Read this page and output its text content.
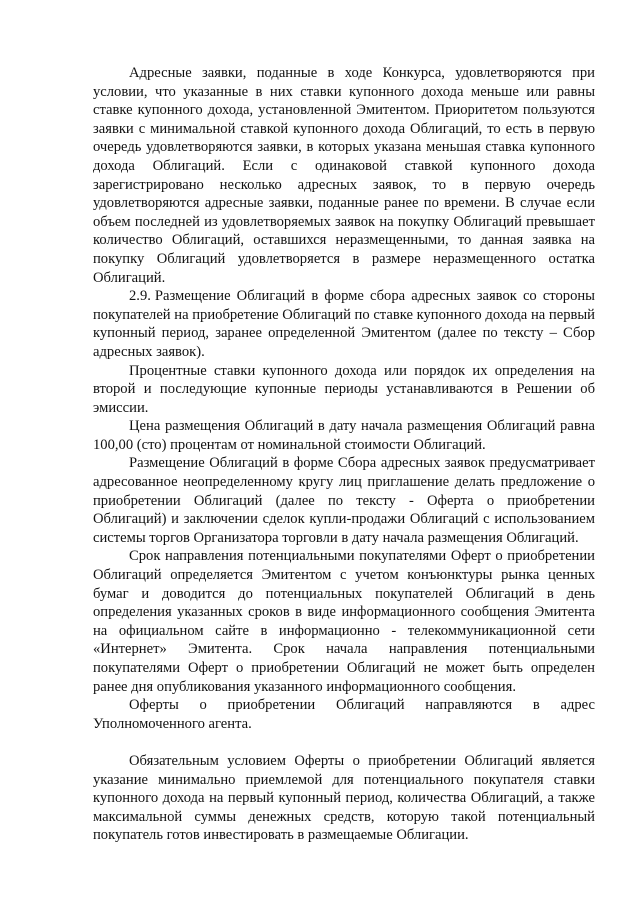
Адресные заявки, поданные в ходе Конкурса, удовлетворяются при условии, что указанные в них ставки купонного дохода меньше или равны ставке купонного дохода, установленной Эмитентом. Приоритетом пользуются заявки с минимальной ставкой купонного дохода Облигаций, то есть в первую очередь удовлетворяются заявки, в которых указана меньшая ставка купонного дохода Облигаций. Если с одинаковой ставкой купонного дохода зарегистрировано несколько адресных заявок, то в первую очередь удовлетворяются адресные заявки, поданные ранее по времени. В случае если объем последней из удовлетворяемых заявок на покупку Облигаций превышает количество Облигаций, оставшихся неразмещенными, то данная заявка на покупку Облигаций удовлетворяется в размере неразмещенного остатка Облигаций.

2.9. Размещение Облигаций в форме сбора адресных заявок со стороны покупателей на приобретение Облигаций по ставке купонного дохода на первый купонный период, заранее определенной Эмитентом (далее по тексту – Сбор адресных заявок).

Процентные ставки купонного дохода или порядок их определения на второй и последующие купонные периоды устанавливаются в Решении об эмиссии.

Цена размещения Облигаций в дату начала размещения Облигаций равна 100,00 (сто) процентам от номинальной стоимости Облигаций.

Размещение Облигаций в форме Сбора адресных заявок предусматривает адресованное неопределенному кругу лиц приглашение делать предложение о приобретении Облигаций (далее по тексту - Оферта о приобретении Облигаций) и заключении сделок купли-продажи Облигаций с использованием системы торгов Организатора торговли в дату начала размещения Облигаций.

Срок направления потенциальными покупателями Оферт о приобретении Облигаций определяется Эмитентом с учетом конъюнктуры рынка ценных бумаг и доводится до потенциальных покупателей Облигаций в день определения указанных сроков в виде информационного сообщения Эмитента на официальном сайте в информационно - телекоммуникационной сети «Интернет» Эмитента. Срок начала направления потенциальными покупателями Оферт о приобретении Облигаций не может быть определен ранее дня опубликования указанного информационного сообщения.

Оферты о приобретении Облигаций направляются в адрес Уполномоченного агента.

Обязательным условием Оферты о приобретении Облигаций является указание минимально приемлемой для потенциального покупателя ставки купонного дохода на первый купонный период, количества Облигаций, а также максимальной суммы денежных средств, которую такой потенциальный покупатель готов инвестировать в размещаемые Облигации.
